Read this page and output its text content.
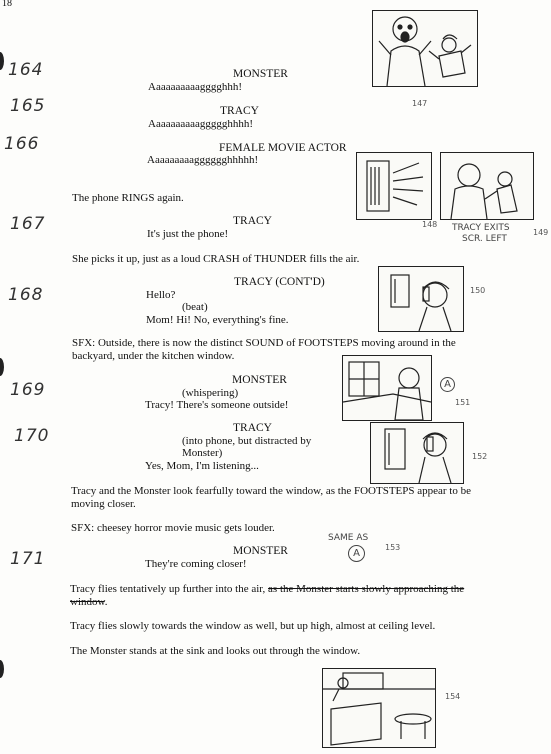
18
164
165
166
167
168
169
170
171
MONSTER
Aaaaaaaaaagggghhh!
TRACY
Aaaaaaaaaaggggghhhh!
FEMALE MOVIE ACTOR
Aaaaaaaaagggggghhhhh!
The phone RINGS again.
TRACY
It's just the phone!
She picks it up, just as a loud CRASH of THUNDER fills the air.
TRACY (CONT'D)
Hello?
(beat)
Mom! Hi! No, everything's fine.
SFX: Outside, there is now the distinct SOUND of FOOTSTEPS moving around in the
backyard, under the kitchen window.
MONSTER
(whispering)
Tracy! There's someone outside!
TRACY
(into phone, but distracted by
Monster)
Yes, Mom, I'm listening...
Tracy and the Monster look fearfully toward the window, as the FOOTSTEPS appear to be
moving closer.
SFX: cheesey horror movie music gets louder.
MONSTER
They're coming closer!
Tracy flies tentatively up further into the air, as the Monster starts slowly approaching the
window.
Tracy flies slowly towards the window as well, but up high, almost at ceiling level.
The Monster stands at the sink and looks out through the window.
147
148 TRACY EXITS
SCR. LEFT
149
150
A
151
152
SAME AS
A
153
154
